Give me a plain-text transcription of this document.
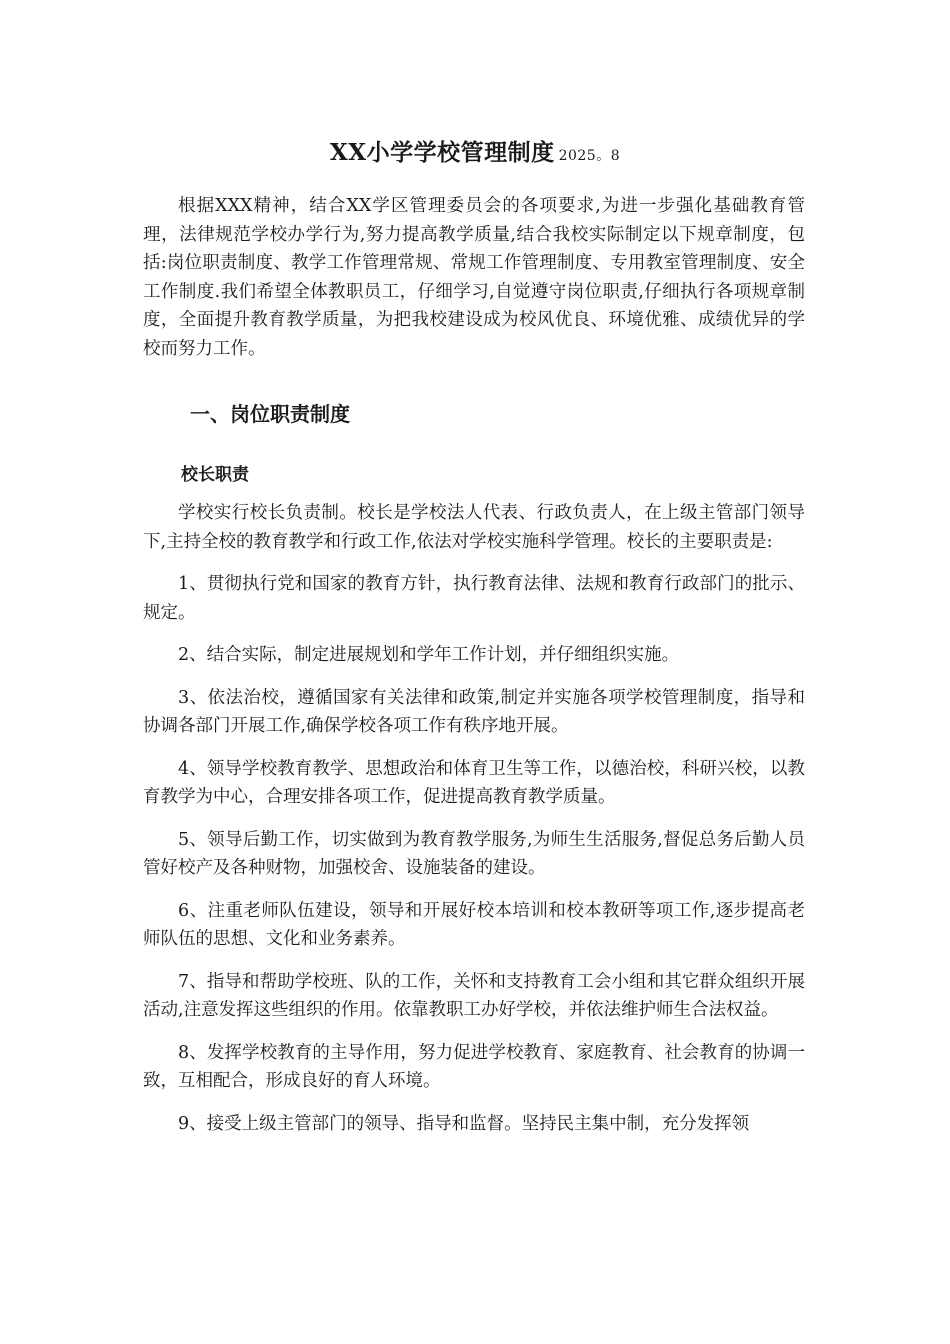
XX小学学校管理制度 2025。8

根据XXX精神，结合XX学区管理委员会的各项要求,为进一步强化基础教育管理，法律规范学校办学行为,努力提高教学质量,结合我校实际制定以下规章制度，包括:岗位职责制度、教学工作管理常规、常规工作管理制度、专用教室管理制度、安全工作制度.我们希望全体教职员工，仔细学习,自觉遵守岗位职责,仔细执行各项规章制度，全面提升教育教学质量，为把我校建设成为校风优良、环境优雅、成绩优异的学校而努力工作。

一、岗位职责制度
校长职责

学校实行校长负责制。校长是学校法人代表、行政负责人，在上级主管部门领导下,主持全校的教育教学和行政工作,依法对学校实施科学管理。校长的主要职责是:

1、贯彻执行党和国家的教育方针，执行教育法律、法规和教育行政部门的批示、规定。

2、结合实际，制定进展规划和学年工作计划，并仔细组织实施。

3、依法治校，遵循国家有关法律和政策,制定并实施各项学校管理制度，指导和协调各部门开展工作,确保学校各项工作有秩序地开展。

4、领导学校教育教学、思想政治和体育卫生等工作，以德治校，科研兴校，以教育教学为中心，合理安排各项工作，促进提高教育教学质量。

5、领导后勤工作，切实做到为教育教学服务,为师生生活服务,督促总务后勤人员管好校产及各种财物，加强校舍、设施装备的建设。

6、注重老师队伍建设，领导和开展好校本培训和校本教研等项工作,逐步提高老师队伍的思想、文化和业务素养。

7、指导和帮助学校班、队的工作，关怀和支持教育工会小组和其它群众组织开展活动,注意发挥这些组织的作用。依靠教职工办好学校，并依法维护师生合法权益。

8、发挥学校教育的主导作用，努力促进学校教育、家庭教育、社会教育的协调一致，互相配合，形成良好的育人环境。

9、接受上级主管部门的领导、指导和监督。坚持民主集中制，充分发挥领
